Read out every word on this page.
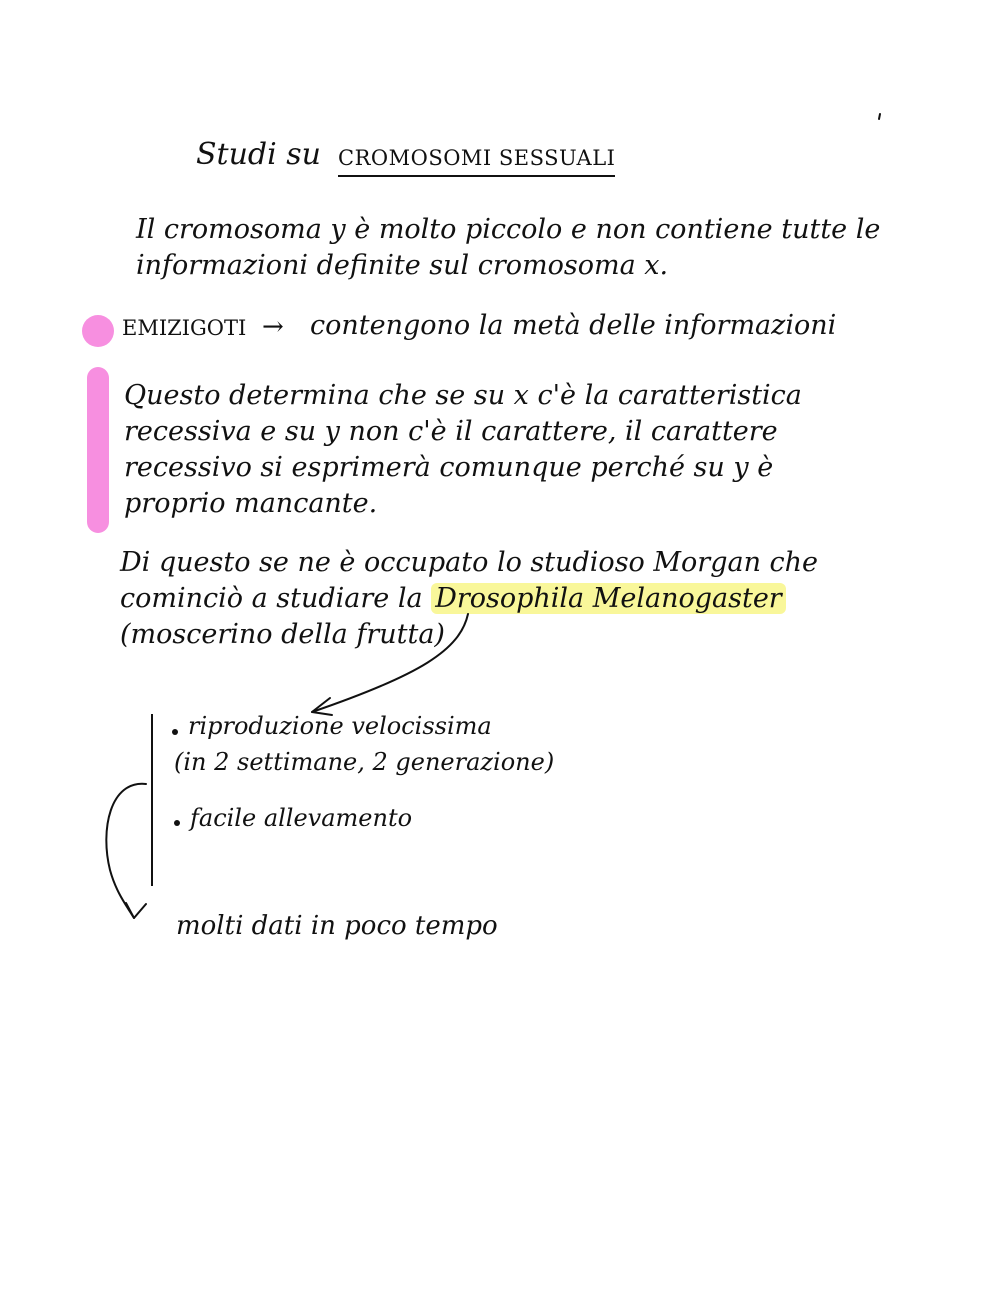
Studi su CROMOSOMI SESSUALI
Il cromosoma y è molto piccolo e non contiene tutte le
informazioni definite sul cromosoma x.
EMIZIGOTI → contengono la metà delle informazioni
Questo determina che se su x c'è la caratteristica
recessiva e su y non c'è il carattere, il carattere
recessivo si esprimerà comunque perché su y è
proprio mancante.
Di questo se ne è occupato lo studioso Morgan che
cominciò a studiare la Drosophila Melanogaster
(moscerino della frutta)
riproduzione velocissima
(in 2 settimane, 2 generazione)
facile allevamento
molti dati in poco tempo
